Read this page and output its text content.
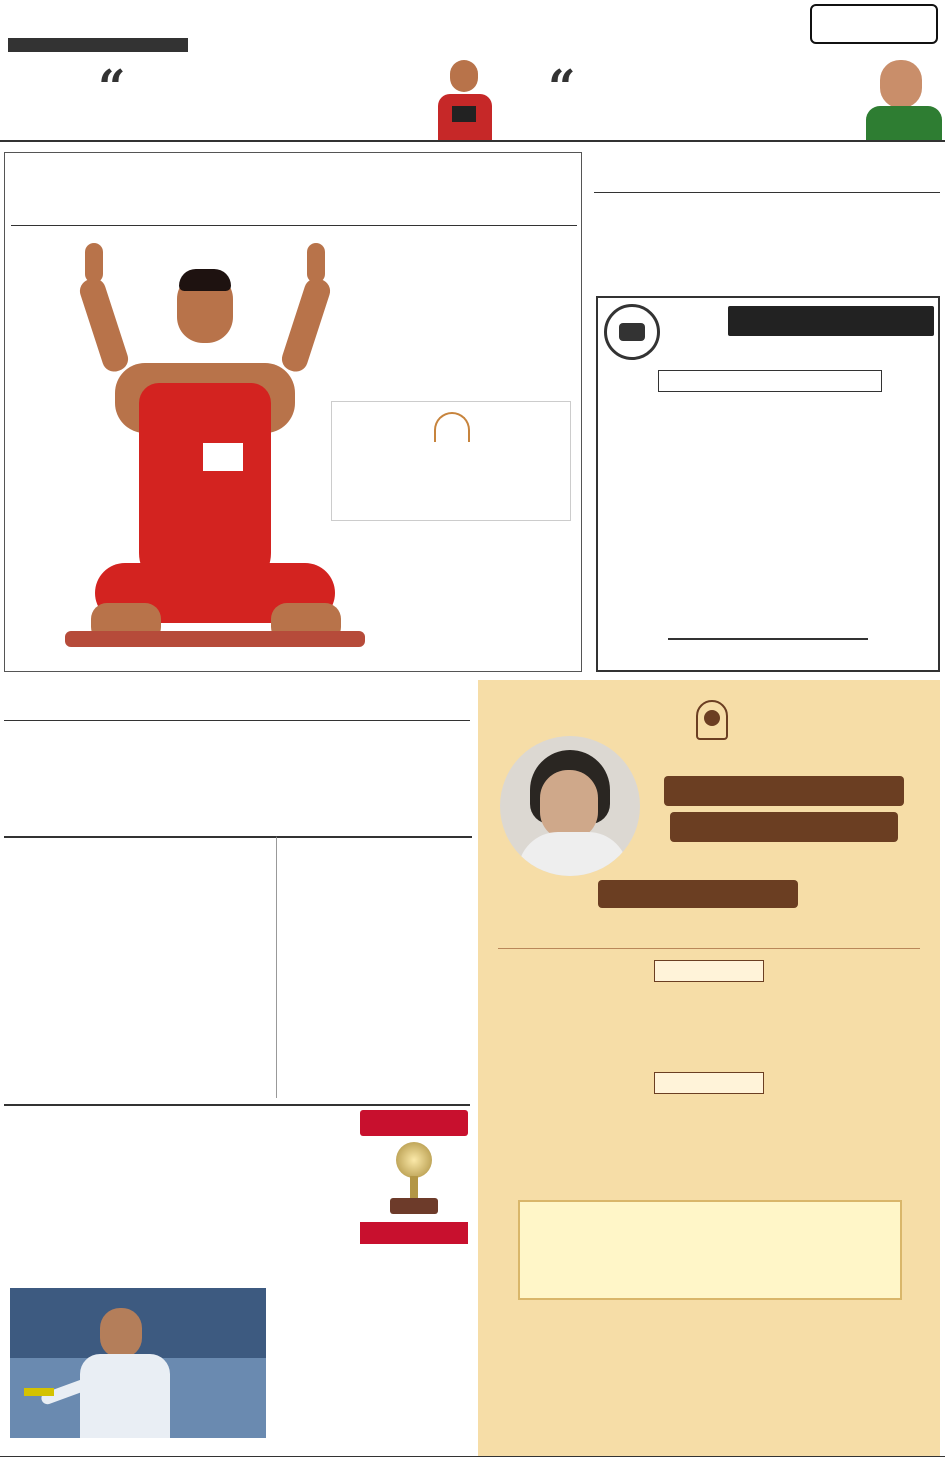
“	“
